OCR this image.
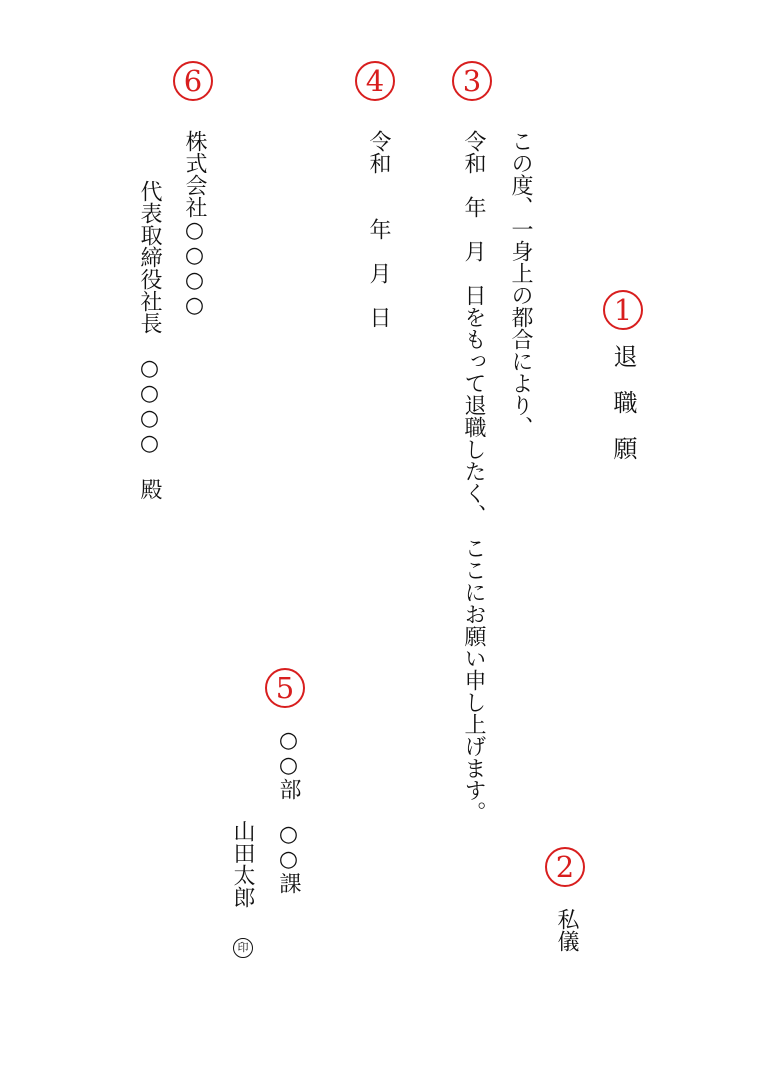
1
退職願
2
私儀
3
この度、一身上の都合により、
令和　年　月　日をもって退職したく、　ここにお願い申し上げます。
4
令和　　年　月　日
5
○○部　○○課
山田太郎
印
6
株式会社○○○○
代表取締役社長　○○○○　殿
